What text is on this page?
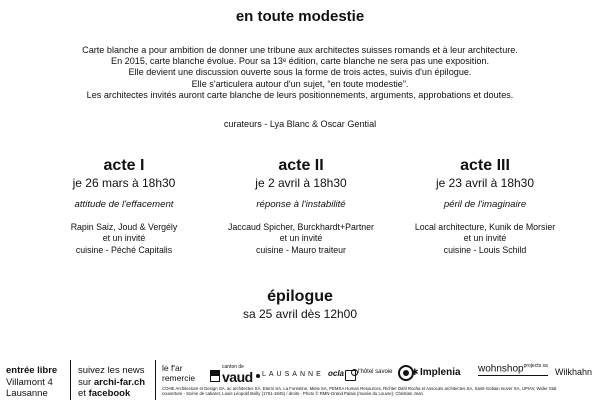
en toute modestie

Carte blanche a pour ambition de donner une tribune aux architectes suisses romands et à leur architecture.

En 2015, carte blanche évolue. Pour sa 13ᵉ édition, carte blanche ne sera pas une exposition.

Elle devient une discussion ouverte sous la forme de trois actes, suivis d'un épilogue.

Elle s'articulera autour d'un sujet, “en toute modestie”.

Les architectes invités auront carte blanche de leurs positionnements, arguments, approbations et doutes.

curateurs - Lya Blanc & Oscar Gential
acte I
je 26 mars à 18h30
attitude de l'effacement

Rapin Saiz, Joud & Vergély

et un invité

cuisine - Péché Capitalis

acte II
je 2 avril à 18h30
réponse à l'instabilité

Jaccaud Spicher, Burckhardt+Partner

et un invité

cuisine - Mauro traiteur

acte III
je 23 avril à 18h30
péril de l'imaginaire

Local architecture, Kunik de Morsier

et un invité

cuisine - Louis Schild

épilogue
sa 25 avril dès 12h00
entrée libre
Villamont 4
Lausanne
suivez les news
sur archi-far.ch
et facebook
le f'ar
remercie
canton de
vaud LAUSANNE ocla l'hôtel savoie
✱	Implenia wohnshop$^{projects sa}$
Wilkhahn

COHE Architecture et Design SA, ac architectes SA, Eterni SA, La Forestine, Miele SA, PEMSA Human Resources, Richter Dahl Rocha et Associés architectes SA, Saint-Gobain Isover SA, UPIAV, Wider Stal

couverture - Scène de cabaret, Louis Léopold Boilly (1761-1845) / droits - Photo © RMN-Grand Palais (musée du Louvre), Christian Jean
